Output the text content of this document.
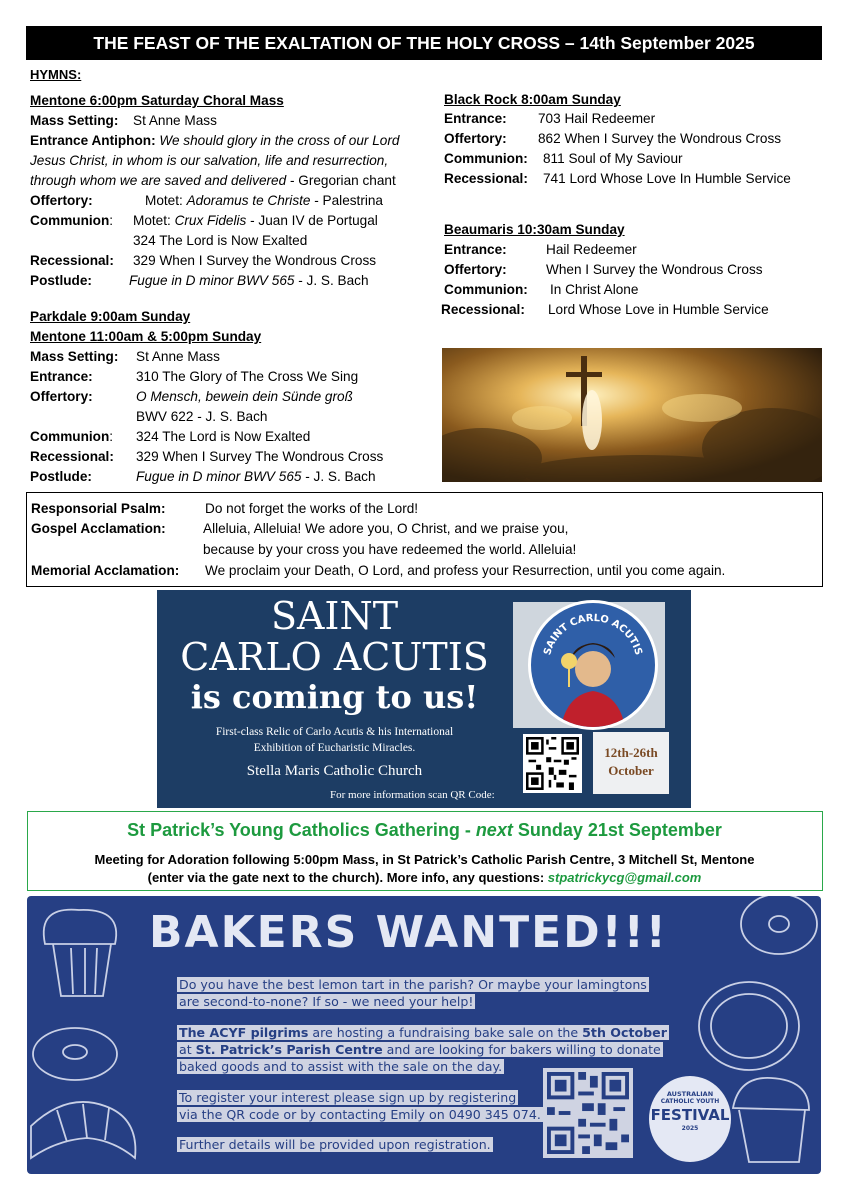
THE FEAST OF THE EXALTATION OF THE HOLY CROSS – 14th September 2025
HYMNS:
Mentone 6:00pm Saturday Choral Mass
Mass Setting: St Anne Mass
Entrance Antiphon: We should glory in the cross of our Lord
Jesus Christ, in whom is our salvation, life and resurrection,
through whom we are saved and delivered - Gregorian chant
Offertory:	Motet: Adoramus te Christe - Palestrina
Communion: Motet: Crux Fidelis - Juan IV de Portugal
324 The Lord is Now Exalted
Recessional: 329 When I Survey the Wondrous Cross
Postlude:	Fugue in D minor BWV 565 - J. S. Bach
Parkdale 9:00am Sunday
Mentone 11:00am & 5:00pm Sunday
Mass Setting: St Anne Mass
Entrance:	310 The Glory of The Cross We Sing
Offertory:	O Mensch, bewein dein Sünde groß
BWV 622 - J. S. Bach
Communion: 324 The Lord is Now Exalted
Recessional: 329 When I Survey The Wondrous Cross
Postlude:	Fugue in D minor BWV 565 - J. S. Bach
Black Rock 8:00am Sunday
Entrance: 703 Hail Redeemer
Offertory: 862 When I Survey the Wondrous Cross
Communion: 811 Soul of My Saviour
Recessional: 741 Lord Whose Love In Humble Service
Beaumaris 10:30am Sunday
Entrance:	Hail Redeemer
Offertory:	When I Survey the Wondrous Cross
Communion: In Christ Alone
Recessional: Lord Whose Love in Humble Service
Responsorial Psalm:	Do not forget the works of the Lord!
Gospel Acclamation:	Alleluia, Alleluia! We adore you, O Christ, and we praise you,
because by your cross you have redeemed the world. Alleluia!
Memorial Acclamation: We proclaim your Death, O Lord, and profess your Resurrection, until you come again.
SAINT
CARLO ACUTIS
is coming to us!
First-class Relic of Carlo Acutis & his International
Exhibition of Eucharistic Miracles.
Stella Maris Catholic Church
For more information scan QR Code:
SAINT CARLO ACUTIS
12th-26th
October
St Patrick’s Young Catholics Gathering - next Sunday 21st September
Meeting for Adoration following 5:00pm Mass, in St Patrick’s Catholic Parish Centre, 3 Mitchell St, Mentone
(enter via the gate next to the church). More info, any questions: stpatrickycg@gmail.com
BAKERS WANTED!!!
Do you have the best lemon tart in the parish? Or maybe your lamingtons
are second-to-none? If so - we need your help!
The ACYF pilgrims are hosting a fundraising bake sale on the 5th October
at St. Patrick’s Parish Centre and are looking for bakers willing to donate
baked goods and to assist with the sale on the day.
To register your interest please sign up by registering
via the QR code or by contacting Emily on 0490 345 074.
Further details will be provided upon registration.
AUSTRALIAN
CATHOLIC YOUTH
FESTIVAL
2025
